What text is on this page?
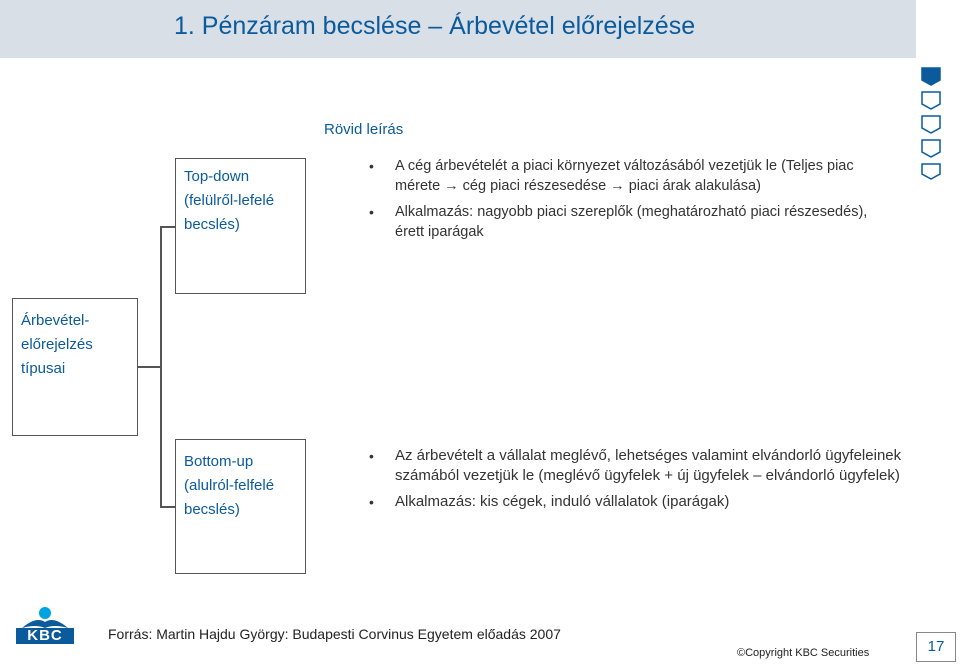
1. Pénzáram becslése – Árbevétel előrejelzése
Rövid leírás
Árbevétel-
előrejelzés
típusai
Top-down
(felülről-lefelé
becslés)
Bottom-up
(alulról-felfelé
becslés)
• A cég árbevételét a piaci környezet változásából vezetjük le (Teljes piac mérete → cég piaci részesedése → piaci árak alakulása)
• Alkalmazás: nagyobb piaci szereplők (meghatározható piaci részesedés), érett iparágak
• Az árbevételt a vállalat meglévő, lehetséges valamint elvándorló ügyfeleinek számából vezetjük le (meglévő ügyfelek + új ügyfelek – elvándorló ügyfelek)
• Alkalmazás: kis cégek, induló vállalatok (iparágak)
KBC	Forrás: Martin Hajdu György: Budapesti Corvinus Egyetem előadás 2007
©Copyright KBC Securities	17
